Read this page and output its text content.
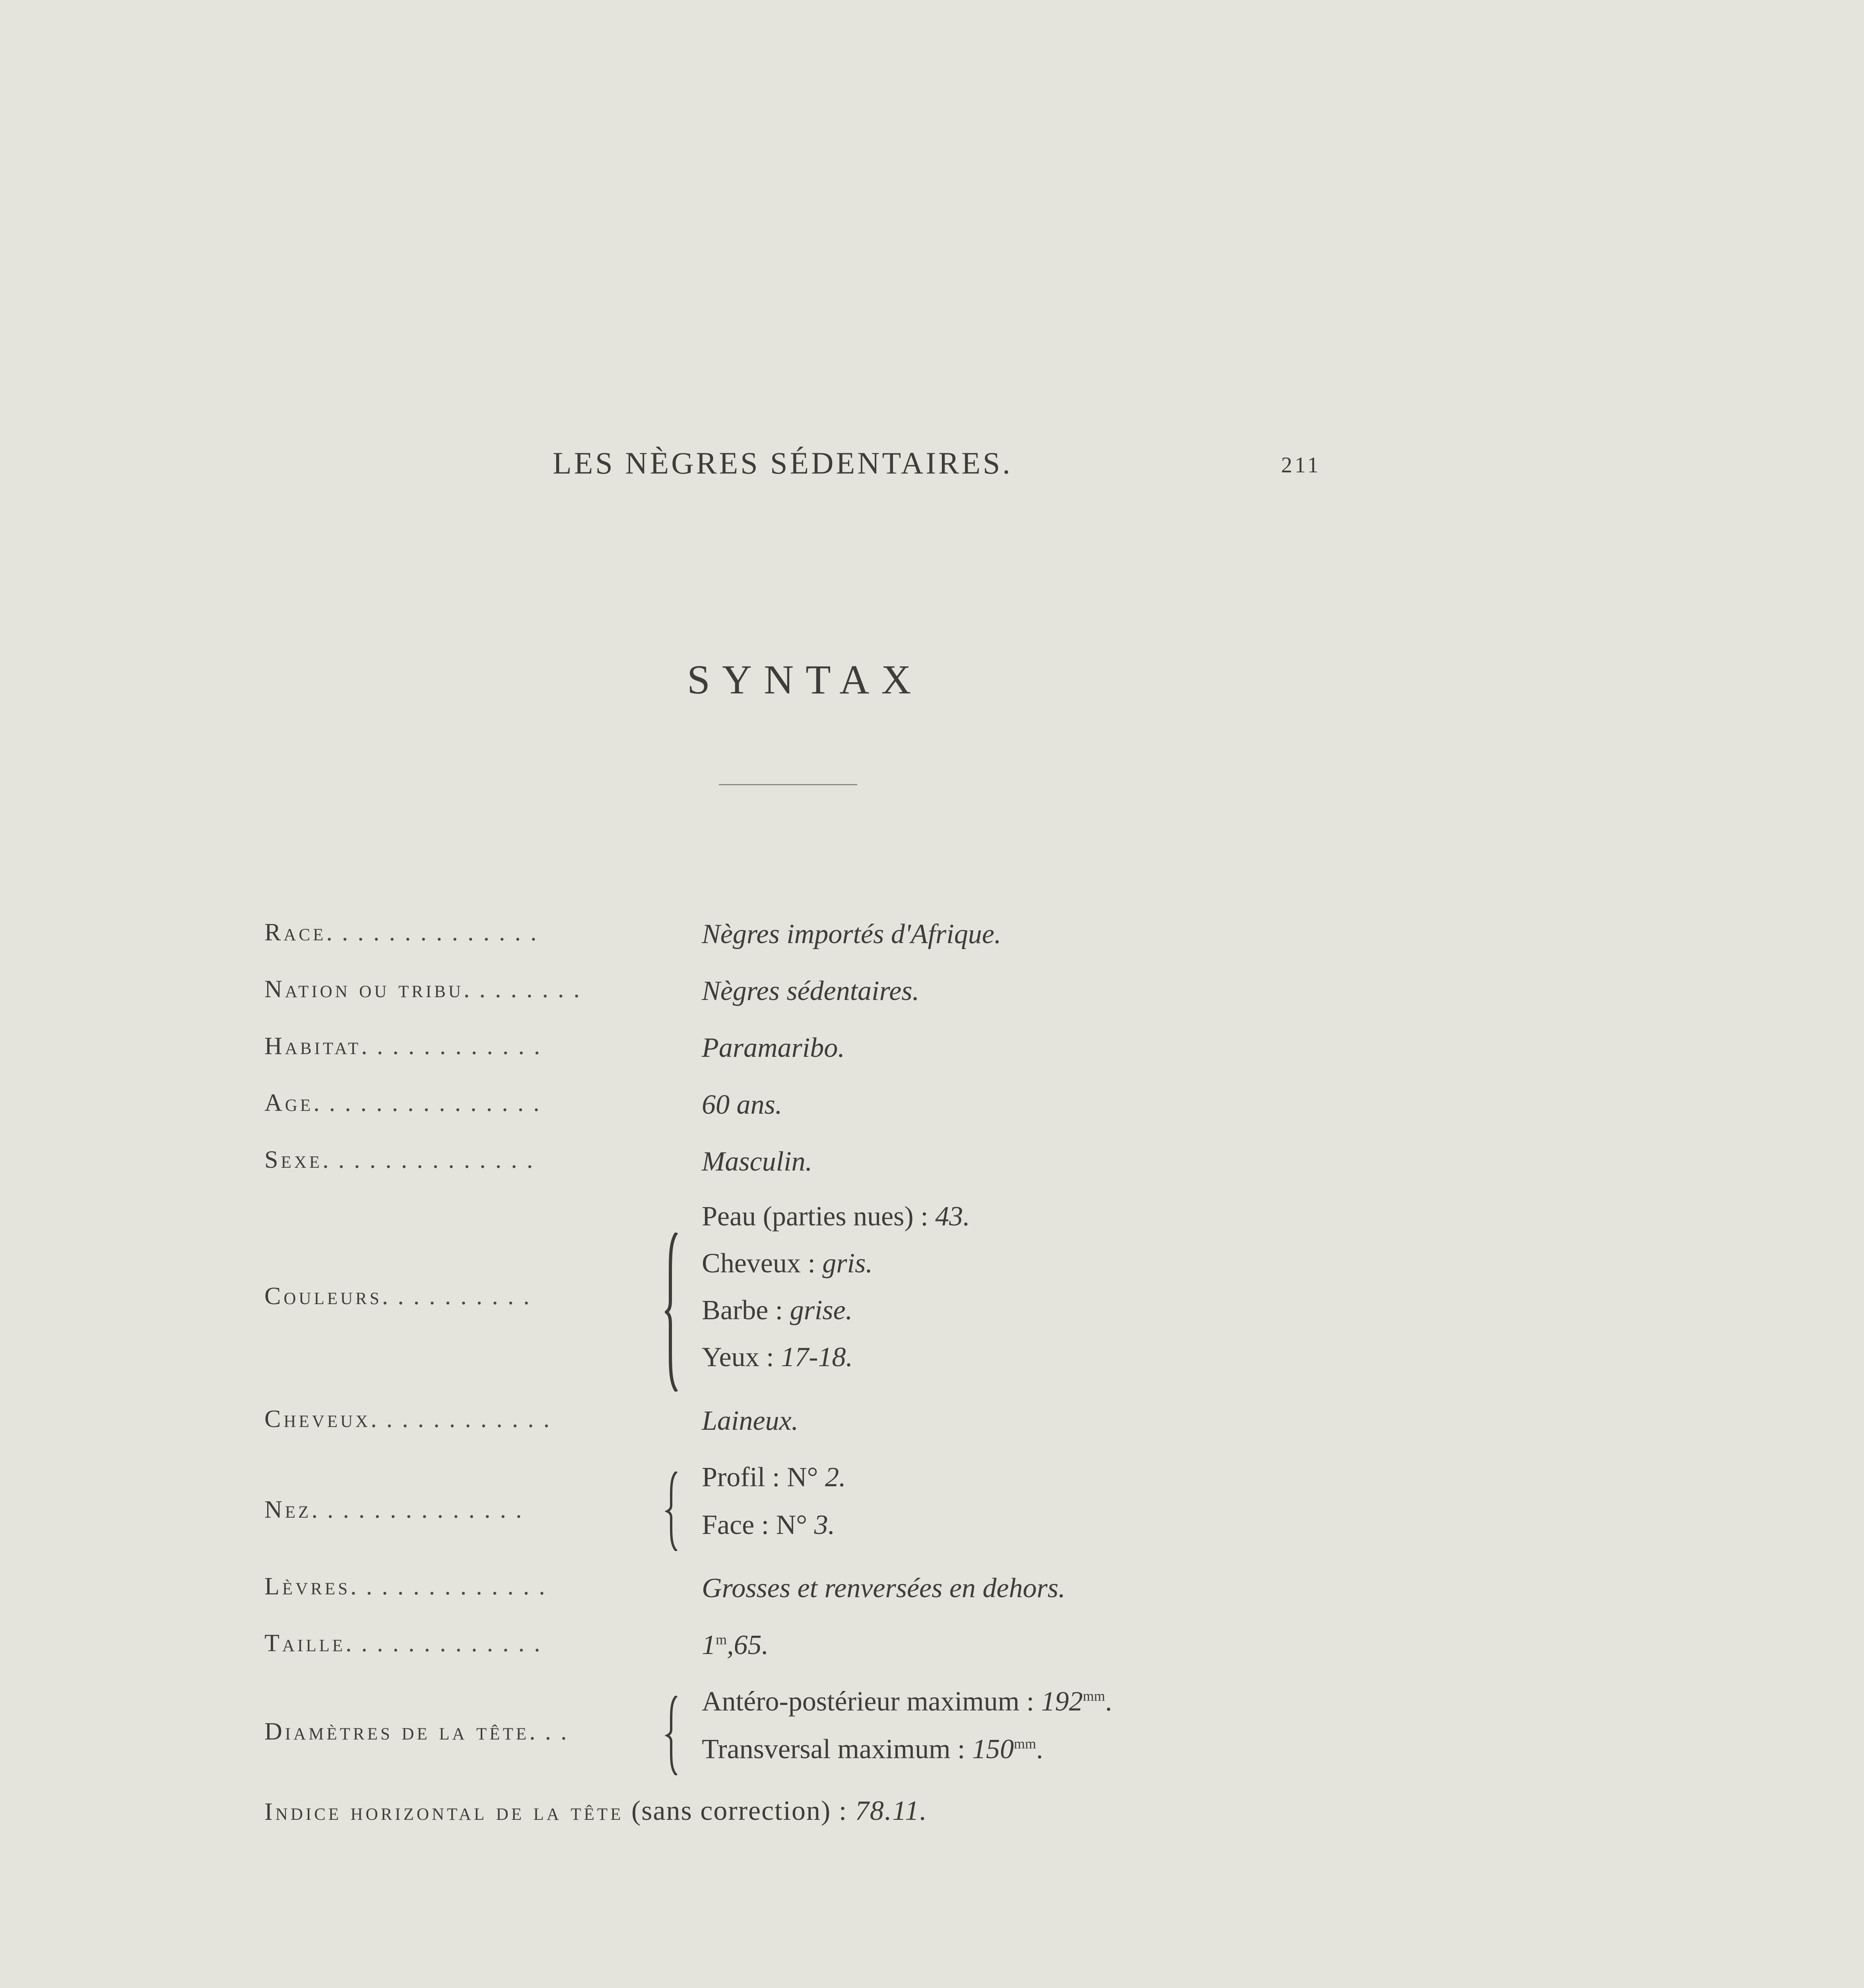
LES NÈGRES SÉDENTAIRES.	211
SYNTAX
Race..............	Nègres importés d'Afrique.
Nation ou tribu........	Nègres sédentaires.
Habitat............	Paramaribo.
Age...............	60 ans.
Sexe..............	Masculin.
Couleurs..........
Peau (parties nues) : 43.
Cheveux : gris.
Barbe : grise.
Yeux : 17-18.
Cheveux............	Laineux.
Nez..............
Profil : N° 2.
Face : N° 3.
Lèvres.............	Grosses et renversées en dehors.
Taille.............	1$^m$,65.
Diamètres de la tête...
Antéro-postérieur maximum : $192^{mm}$.
Transversal maximum : $150^{mm}$.
Indice horizontal de la tête (sans correction) : 78.11.
